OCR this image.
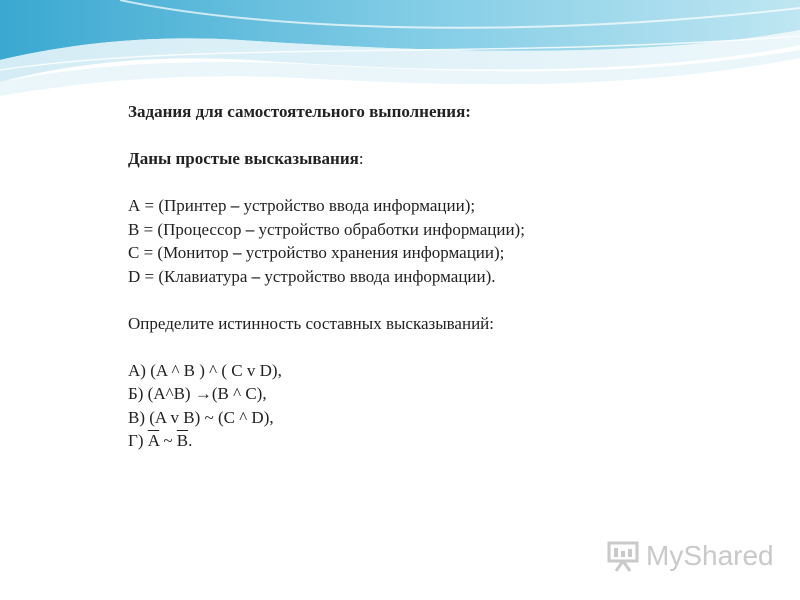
Задания для самостоятельного выполнения:

Даны простые высказывания:

А = (Принтер – устройство ввода информации);

В = (Процессор – устройство обработки информации);

С = (Монитор – устройство хранения информации);

D = (Клавиатура – устройство ввода информации).

Определите истинность составных высказываний:

А) (A ^ B ) ^ ( C v D),

Б) (A^B) →(B ^ C),

В) (A v B) ~ (C ^ D),

Г) $\overline{A}$ ~ $\overline{B}$.

MyShared
